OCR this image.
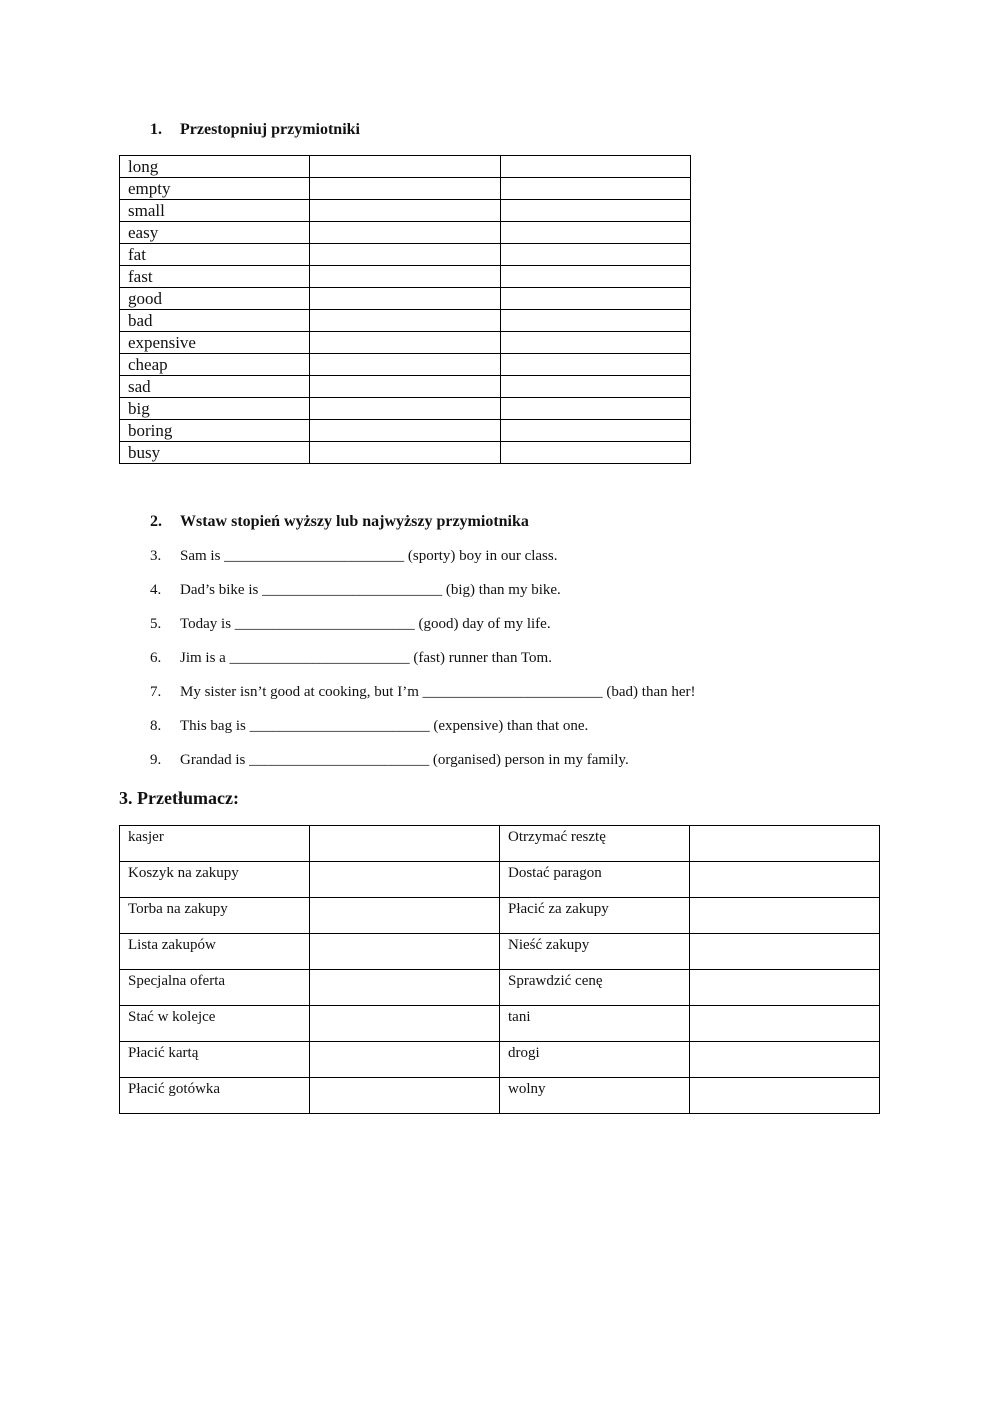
1. Przestopniuj przymiotniki
long		
empty		
small		
easy		
fat		
fast		
good		
bad		
expensive		
cheap		
sad		
big		
boring		
busy		
2. Wstaw stopień wyższy lub najwyższy przymiotnika
3. Sam is ________________________ (sporty) boy in our class.
4. Dad’s bike is ________________________ (big) than my bike.
5. Today is ________________________ (good) day of my life.
6. Jim is a ________________________ (fast) runner than Tom.
7. My sister isn’t good at cooking, but I’m ________________________ (bad) than her!
8. This bag is ________________________ (expensive) than that one.
9. Grandad is ________________________ (organised) person in my family.
3. Przetłumacz:
kasjer		Otrzymać resztę	
Koszyk na zakupy		Dostać paragon	
Torba na zakupy		Płacić za zakupy	
Lista zakupów		Nieść zakupy	
Specjalna oferta		Sprawdzić cenę	
Stać w kolejce		tani	
Płacić kartą		drogi	
Płacić gotówka		wolny	
